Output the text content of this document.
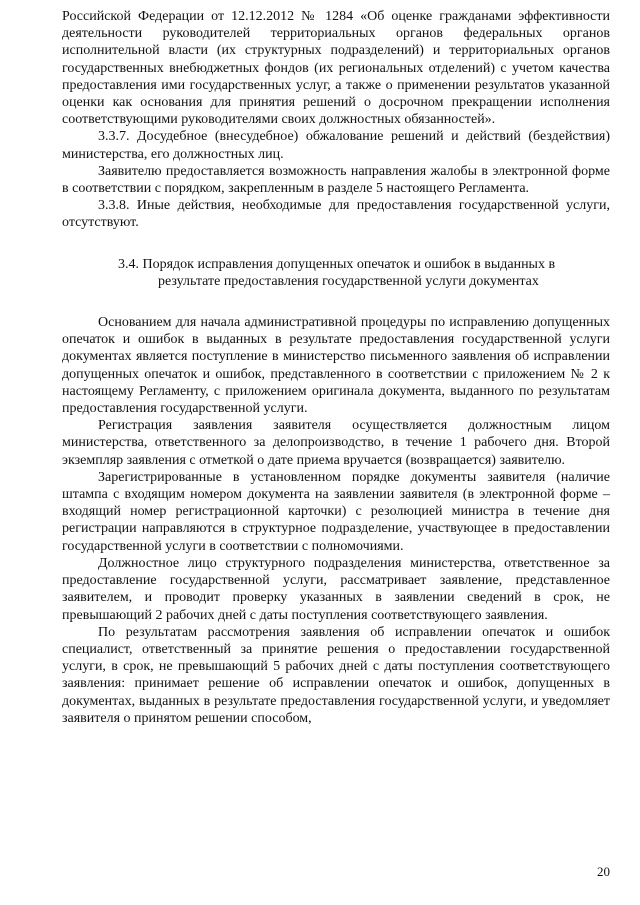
Российской Федерации от 12.12.2012 № 1284 «Об оценке гражданами эффективности деятельности руководителей территориальных органов федеральных органов исполнительной власти (их структурных подразделений) и территориальных органов государственных внебюджетных фондов (их региональных отделений) с учетом качества предоставления ими государственных услуг, а также о применении результатов указанной оценки как основания для принятия решений о досрочном прекращении исполнения соответствующими руководителями своих должностных обязанностей».

3.3.7. Досудебное (внесудебное) обжалование решений и действий (бездействия) министерства, его должностных лиц.

Заявителю предоставляется возможность направления жалобы в электронной форме в соответствии с порядком, закрепленным в разделе 5 настоящего Регламента.

3.3.8. Иные действия, необходимые для предоставления государственной услуги, отсутствуют.

3.4. Порядок исправления допущенных опечаток и ошибок в выданных в
результате предоставления государственной услуги документах

Основанием для начала административной процедуры по исправлению допущенных опечаток и ошибок в выданных в результате предоставления государственной услуги документах является поступление в министерство письменного заявления об исправлении допущенных опечаток и ошибок, представленного в соответствии с приложением № 2 к настоящему Регламенту, с приложением оригинала документа, выданного по результатам предоставления государственной услуги.

Регистрация заявления заявителя осуществляется должностным лицом министерства, ответственного за делопроизводство, в течение 1 рабочего дня. Второй экземпляр заявления с отметкой о дате приема вручается (возвращается) заявителю.

Зарегистрированные в установленном порядке документы заявителя (наличие штампа с входящим номером документа на заявлении заявителя (в электронной форме – входящий номер регистрационной карточки) с резолюцией министра в течение дня регистрации направляются в структурное подразделение, участвующее в предоставлении государственной услуги в соответствии с полномочиями.

Должностное лицо структурного подразделения министерства, ответственное за предоставление государственной услуги, рассматривает заявление, представленное заявителем, и проводит проверку указанных в заявлении сведений в срок, не превышающий 2 рабочих дней с даты поступления соответствующего заявления.

По результатам рассмотрения заявления об исправлении опечаток и ошибок специалист, ответственный за принятие решения о предоставлении государственной услуги, в срок, не превышающий 5 рабочих дней с даты поступления соответствующего заявления: принимает решение об исправлении опечаток и ошибок, допущенных в документах, выданных в результате предоставления государственной услуги, и уведомляет заявителя о принятом решении способом,

20
